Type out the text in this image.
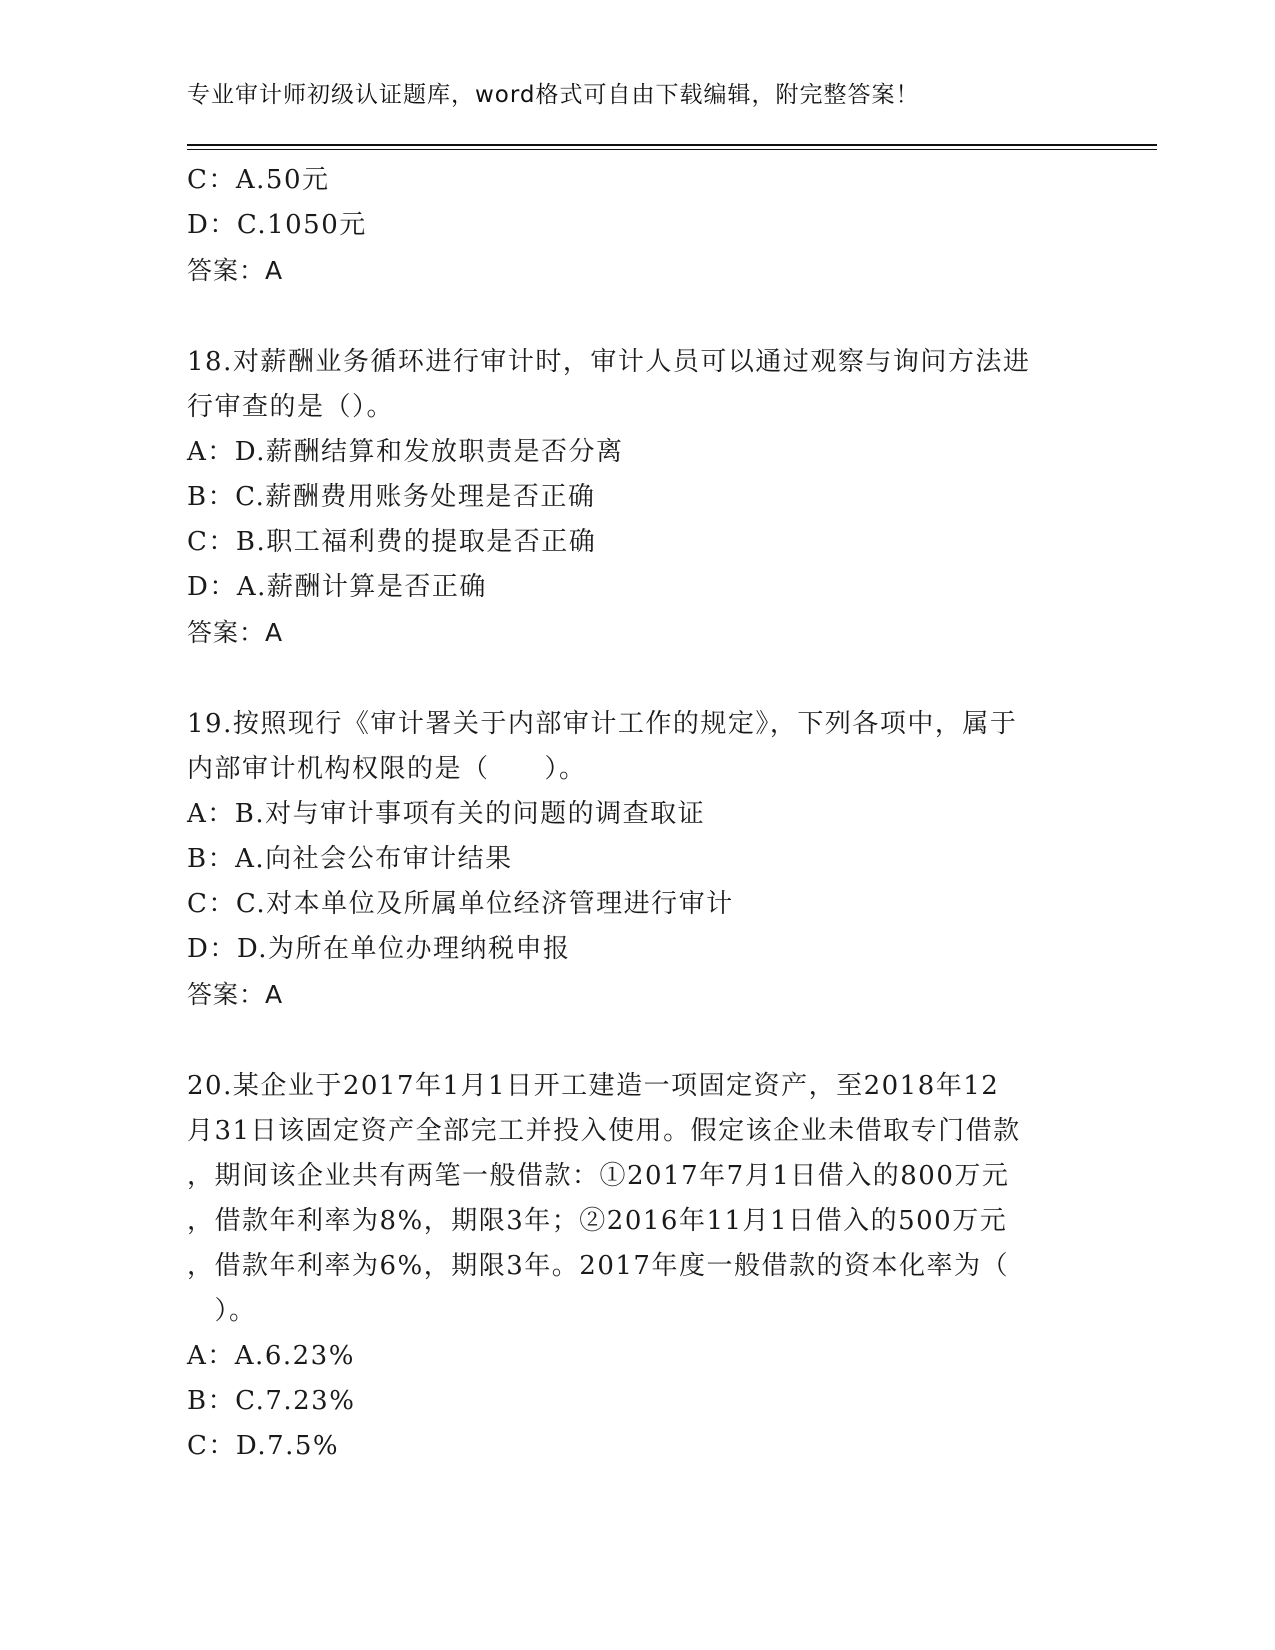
专业审计师初级认证题库，word格式可自由下载编辑，附完整答案！
C：A.50元
D：C.1050元
答案：A
18.对薪酬业务循环进行审计时，审计人员可以通过观察与询问方法进
行审查的是（）。
A：D.薪酬结算和发放职责是否分离
B：C.薪酬费用账务处理是否正确
C：B.职工福利费的提取是否正确
D：A.薪酬计算是否正确
答案：A
19.按照现行《审计署关于内部审计工作的规定》，下列各项中，属于
内部审计机构权限的是（　　）。
A：B.对与审计事项有关的问题的调查取证
B：A.向社会公布审计结果
C：C.对本单位及所属单位经济管理进行审计
D：D.为所在单位办理纳税申报
答案：A
20.某企业于2017年1月1日开工建造一项固定资产，至2018年12
月31日该固定资产全部完工并投入使用。假定该企业未借取专门借款
，期间该企业共有两笔一般借款：①2017年7月1日借入的800万元
，借款年利率为8%，期限3年；②2016年11月1日借入的500万元
，借款年利率为6%，期限3年。2017年度一般借款的资本化率为（
　）。
A：A.6.23%
B：C.7.23%
C：D.7.5%
